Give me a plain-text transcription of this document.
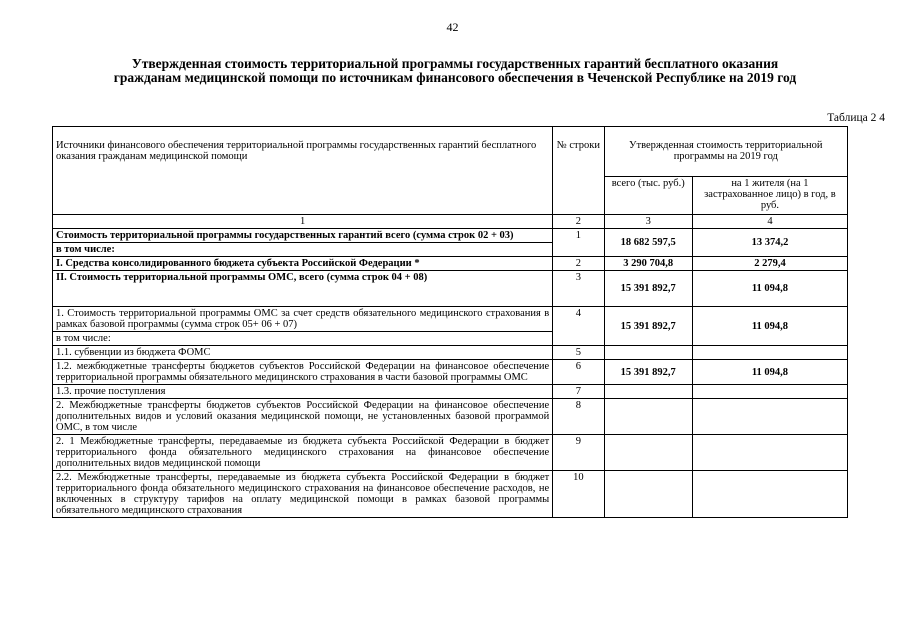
42
Утвержденная стоимость территориальной программы государственных гарантий бесплатного оказания
гражданам медицинской помощи по источникам финансового обеспечения в Чеченской Республике на 2019 год
Таблица 2 4
Источники финансового обеспечения территориальной программы государственных гарантий бесплатного оказания гражданам медицинской помощи	№ строки	Утвержденная стоимость территориальной программы на 2019 год	
		всего (тыс. руб.)	на 1 жителя (на 1 застрахованное лицо) в год, в руб.
1	2	3	4
Стоимость территориальной программы государственных гарантий всего (сумма строк 02 + 03)	1	18 682 597,5	13 374,2
в том числе:			
I. Средства консолидированного бюджета субъекта Российской Федерации *	2	3 290 704,8	2 279,4
II. Стоимость территориальной программы ОМС, всего (сумма строк 04 + 08)	3	15 391 892,7	11 094,8
1. Стоимость территориальной программы ОМС за счет средств обязательного медицинского страхования в рамках базовой программы (сумма строк 05+ 06 + 07)	4	15 391 892,7	11 094,8
в том числе:			
1.1. субвенции из бюджета ФОМС	5		
1.2. межбюджетные трансферты бюджетов субъектов Российской Федерации на финансовое обеспечение территориальной программы обязательного медицинского страхования в части базовой программы ОМС	6	15 391 892,7	11 094,8
1.3. прочие поступления	7		
2. Межбюджетные трансферты бюджетов субъектов Российской Федерации на финансовое обеспечение дополнительных видов и условий оказания медицинской помощи, не установленных базовой программой ОМС, в том числе	8		
2. 1 Межбюджетные трансферты, передаваемые из бюджета субъекта Российской Федерации в бюджет территориального фонда обязательного медицинского страхования на финансовое обеспечение дополнительных видов медицинской помощи	9		
2.2. Межбюджетные трансферты, передаваемые из бюджета субъекта Российской Федерации в бюджет территориального фонда обязательного медицинского страхования на финансовое обеспечение расходов, не включенных в структуру тарифов на оплату медицинской помощи в рамках базовой программы обязательного медицинского страхования	10		
